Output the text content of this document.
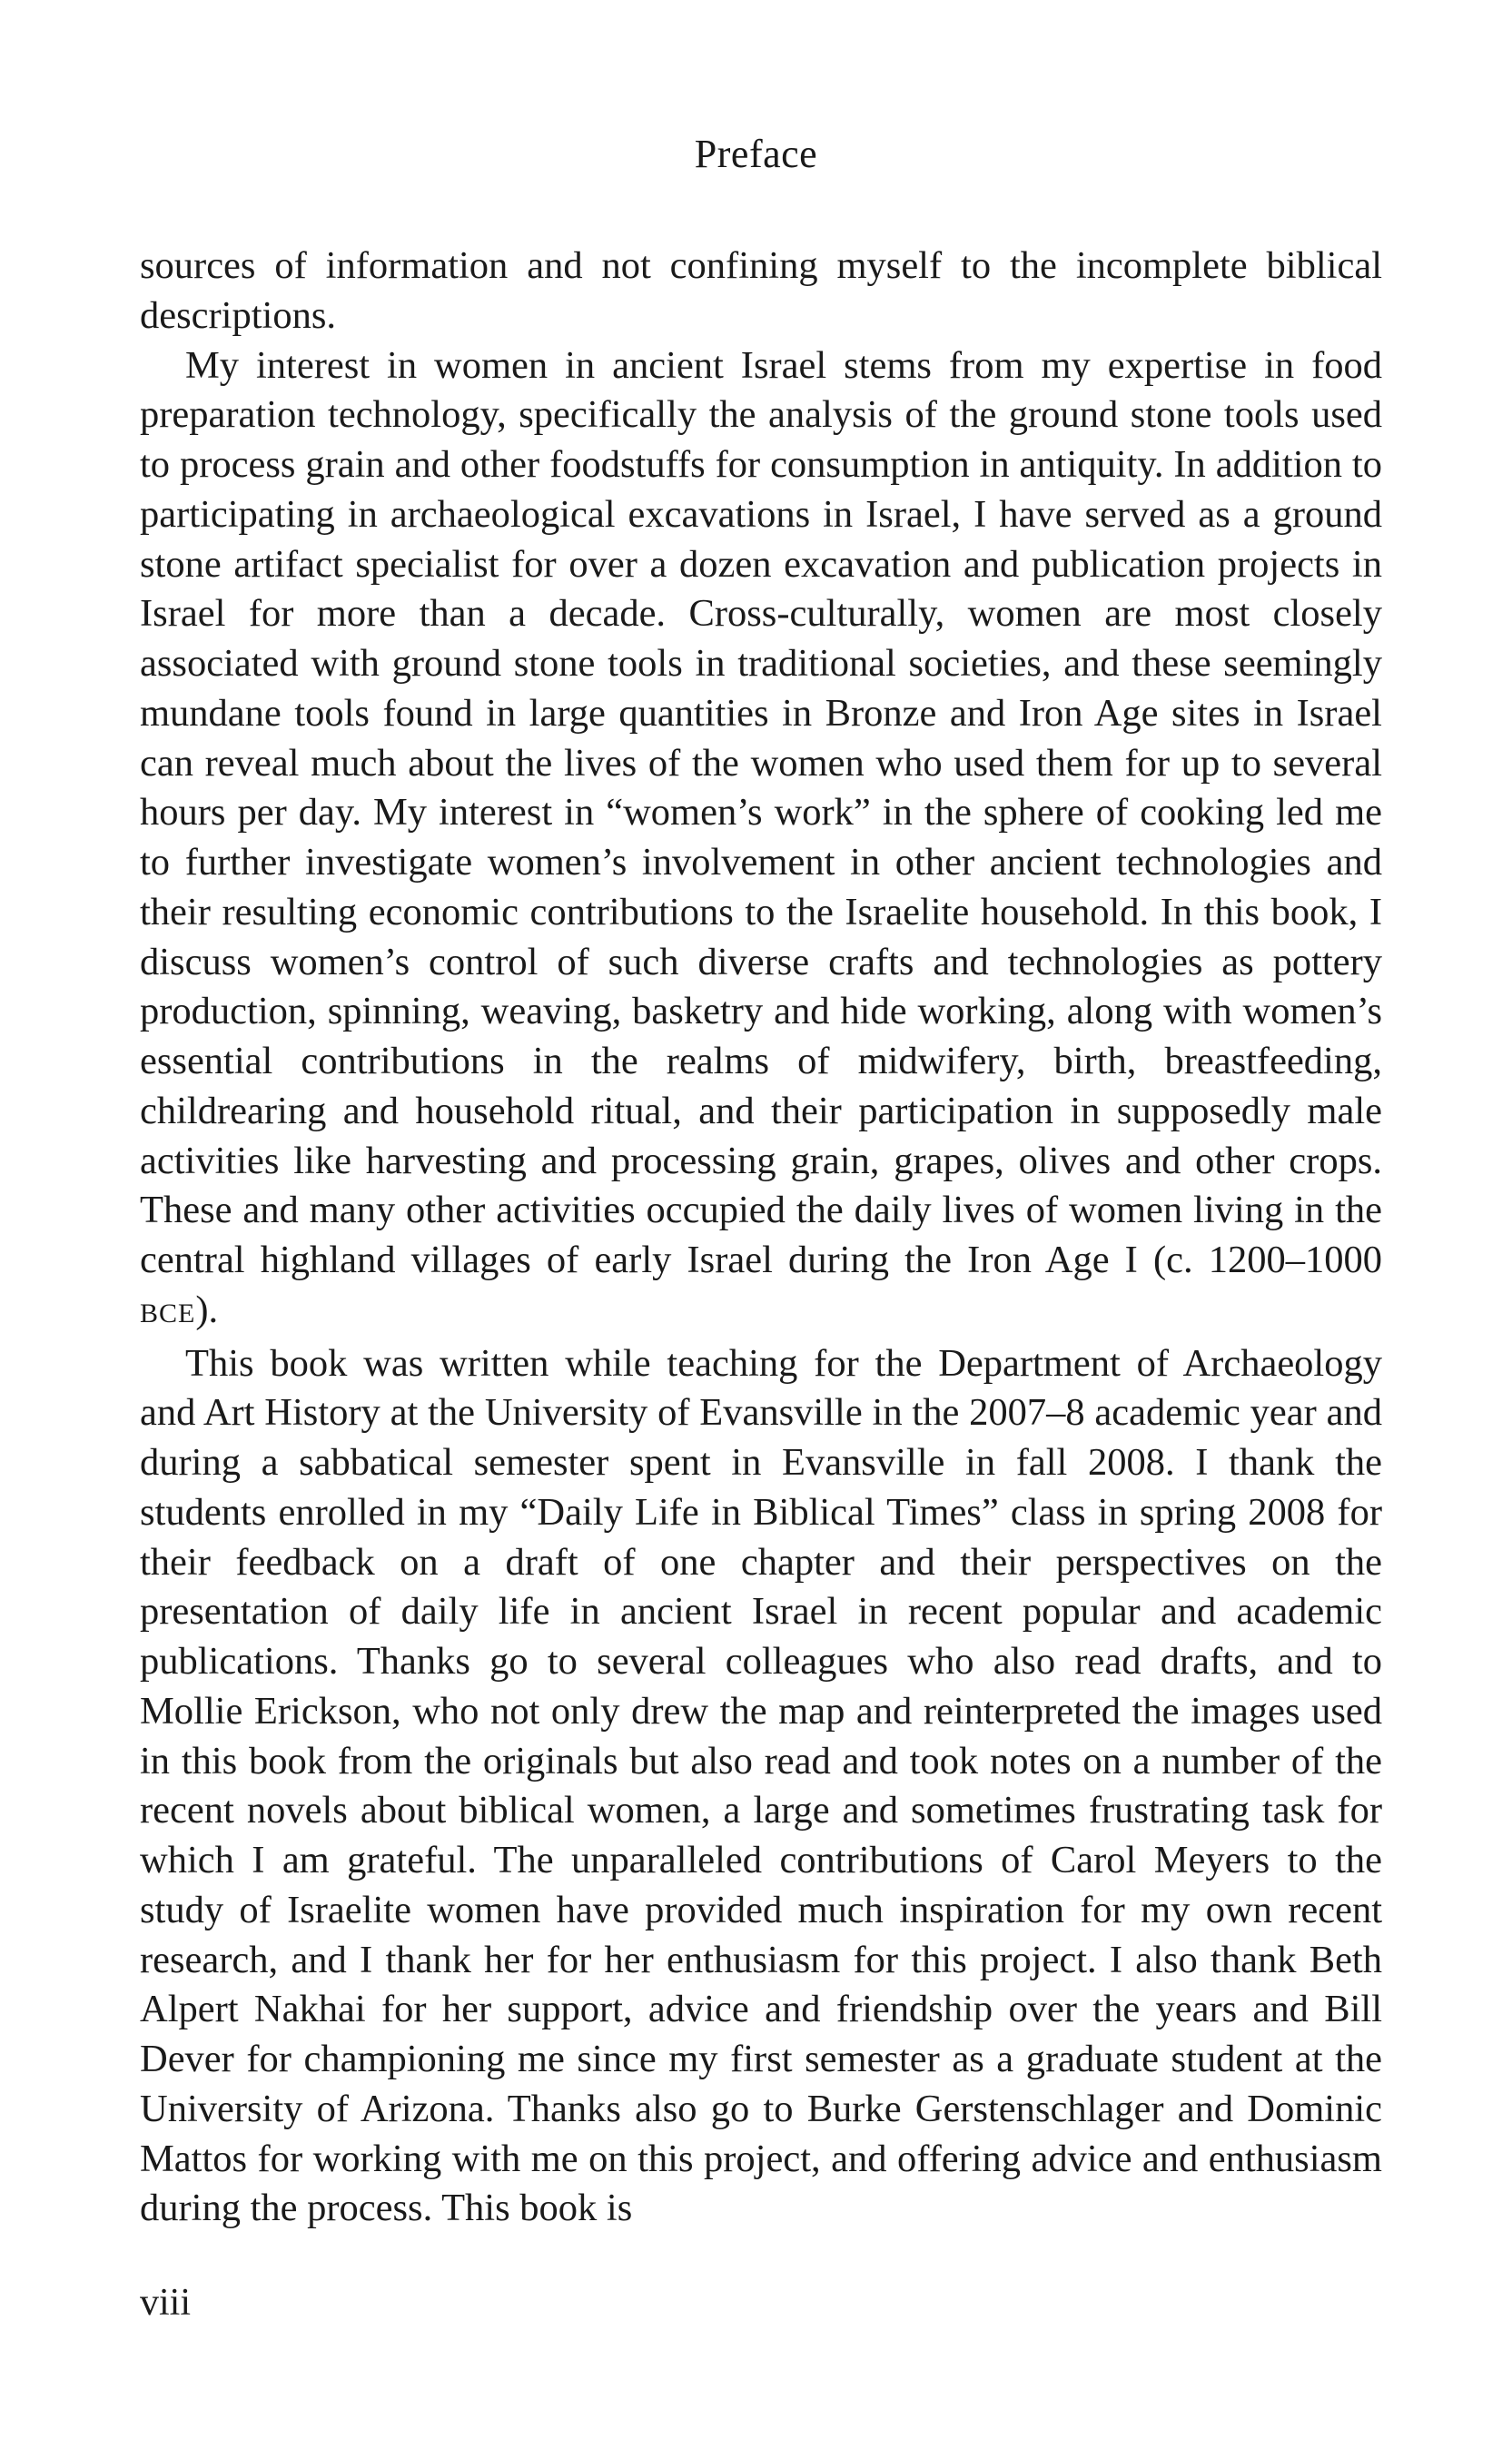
Preface

sources of information and not confining myself to the incomplete biblical descriptions.

My interest in women in ancient Israel stems from my expertise in food preparation technology, specifically the analysis of the ground stone tools used to process grain and other foodstuffs for consumption in antiquity. In addition to participating in archaeological excavations in Israel, I have served as a ground stone artifact specialist for over a dozen excavation and publication projects in Israel for more than a decade. Cross-culturally, women are most closely associated with ground stone tools in traditional societies, and these seemingly mundane tools found in large quantities in Bronze and Iron Age sites in Israel can reveal much about the lives of the women who used them for up to several hours per day. My interest in “women’s work” in the sphere of cooking led me to further investigate women’s involvement in other ancient technologies and their resulting economic contributions to the Israelite household. In this book, I discuss women’s control of such diverse crafts and technologies as pottery production, spinning, weaving, basketry and hide working, along with women’s essential contributions in the realms of midwifery, birth, breastfeeding, childrearing and household ritual, and their participation in supposedly male activities like harvesting and processing grain, grapes, olives and other crops. These and many other activities occupied the daily lives of women living in the central highland villages of early Israel during the Iron Age I (c. 1200–1000 BCE).

This book was written while teaching for the Department of Archaeology and Art History at the University of Evansville in the 2007–8 academic year and during a sabbatical semester spent in Evansville in fall 2008. I thank the students enrolled in my “Daily Life in Biblical Times” class in spring 2008 for their feedback on a draft of one chapter and their perspectives on the presentation of daily life in ancient Israel in recent popular and academic publications. Thanks go to several colleagues who also read drafts, and to Mollie Erickson, who not only drew the map and reinterpreted the images used in this book from the originals but also read and took notes on a number of the recent novels about biblical women, a large and sometimes frustrating task for which I am grateful. The unparalleled contributions of Carol Meyers to the study of Israelite women have provided much inspiration for my own recent research, and I thank her for her enthusiasm for this project. I also thank Beth Alpert Nakhai for her support, advice and friendship over the years and Bill Dever for championing me since my first semester as a graduate student at the University of Arizona. Thanks also go to Burke Gerstenschlager and Dominic Mattos for working with me on this project, and offering advice and enthusiasm during the process. This book is

viii
